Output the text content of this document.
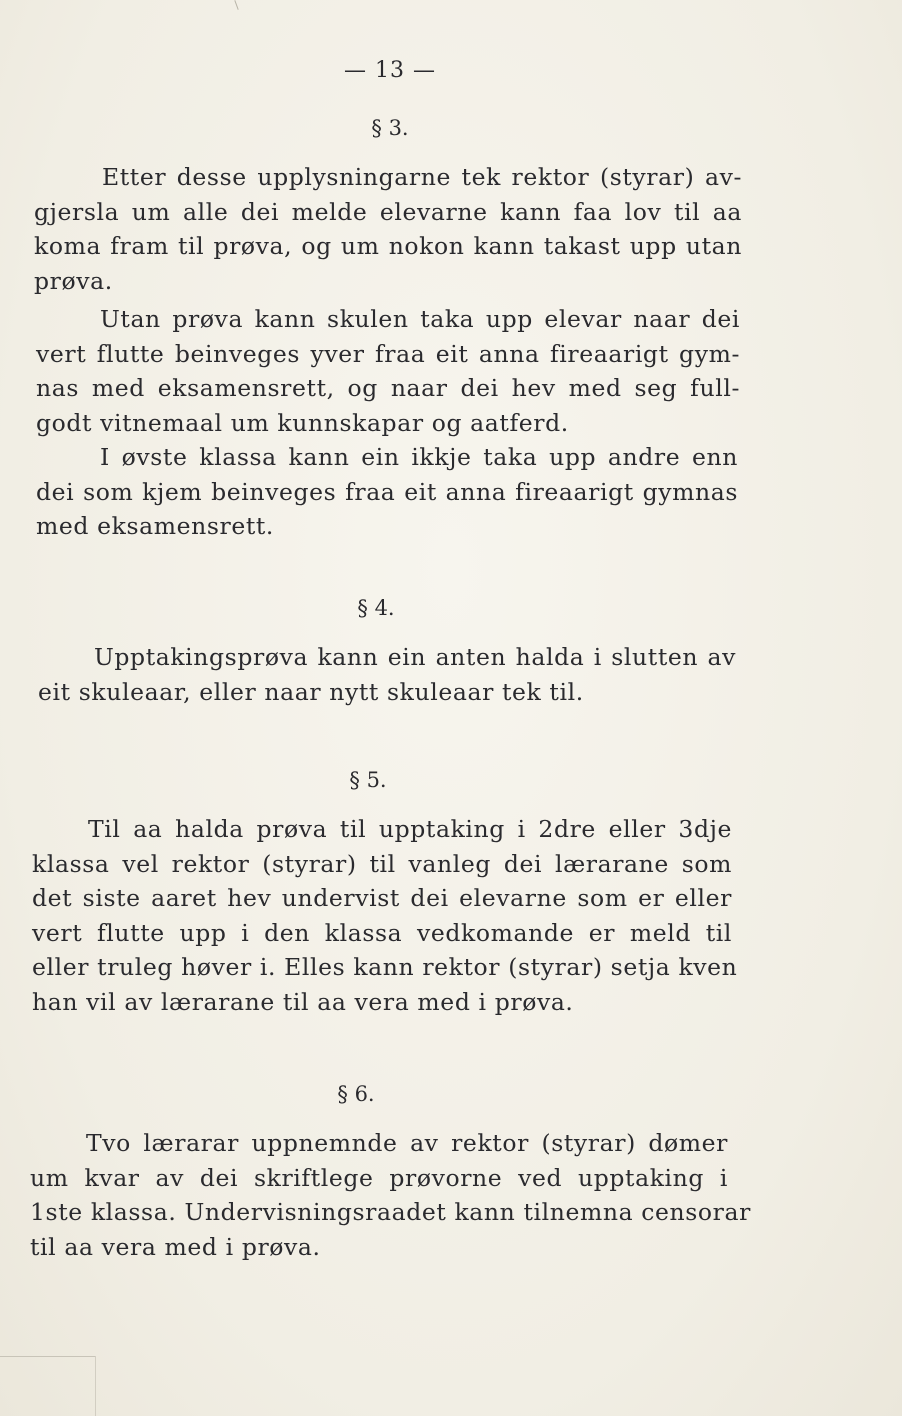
— 13 —
§ 3.
Etter desse upplysningarne tek rektor (styrar) av-
gjersla um alle dei melde elevarne kann faa lov til aa
koma fram til prøva, og um nokon kann takast upp utan
prøva.
Utan prøva kann skulen taka upp elevar naar dei
vert flutte beinveges yver fraa eit anna fireaarigt gym-
nas med eksamensrett, og naar dei hev med seg full-
godt vitnemaal um kunnskapar og aatferd.
I øvste klassa kann ein ikkje taka upp andre enn
dei som kjem beinveges fraa eit anna fireaarigt gymnas
med eksamensrett.
§ 4.
Upptakingsprøva kann ein anten halda i slutten av
eit skuleaar, eller naar nytt skuleaar tek til.
§ 5.
Til aa halda prøva til upptaking i 2dre eller 3dje
klassa vel rektor (styrar) til vanleg dei lærarane som
det siste aaret hev undervist dei elevarne som er eller
vert flutte upp i den klassa vedkomande er meld til
eller truleg høver i. Elles kann rektor (styrar) setja kven
han vil av lærarane til aa vera med i prøva.
§ 6.
Tvo lærarar uppnemnde av rektor (styrar) dømer
um kvar av dei skriftlege prøvorne ved upptaking i
1ste klassa. Undervisningsraadet kann tilnemna censorar
til aa vera med i prøva.
